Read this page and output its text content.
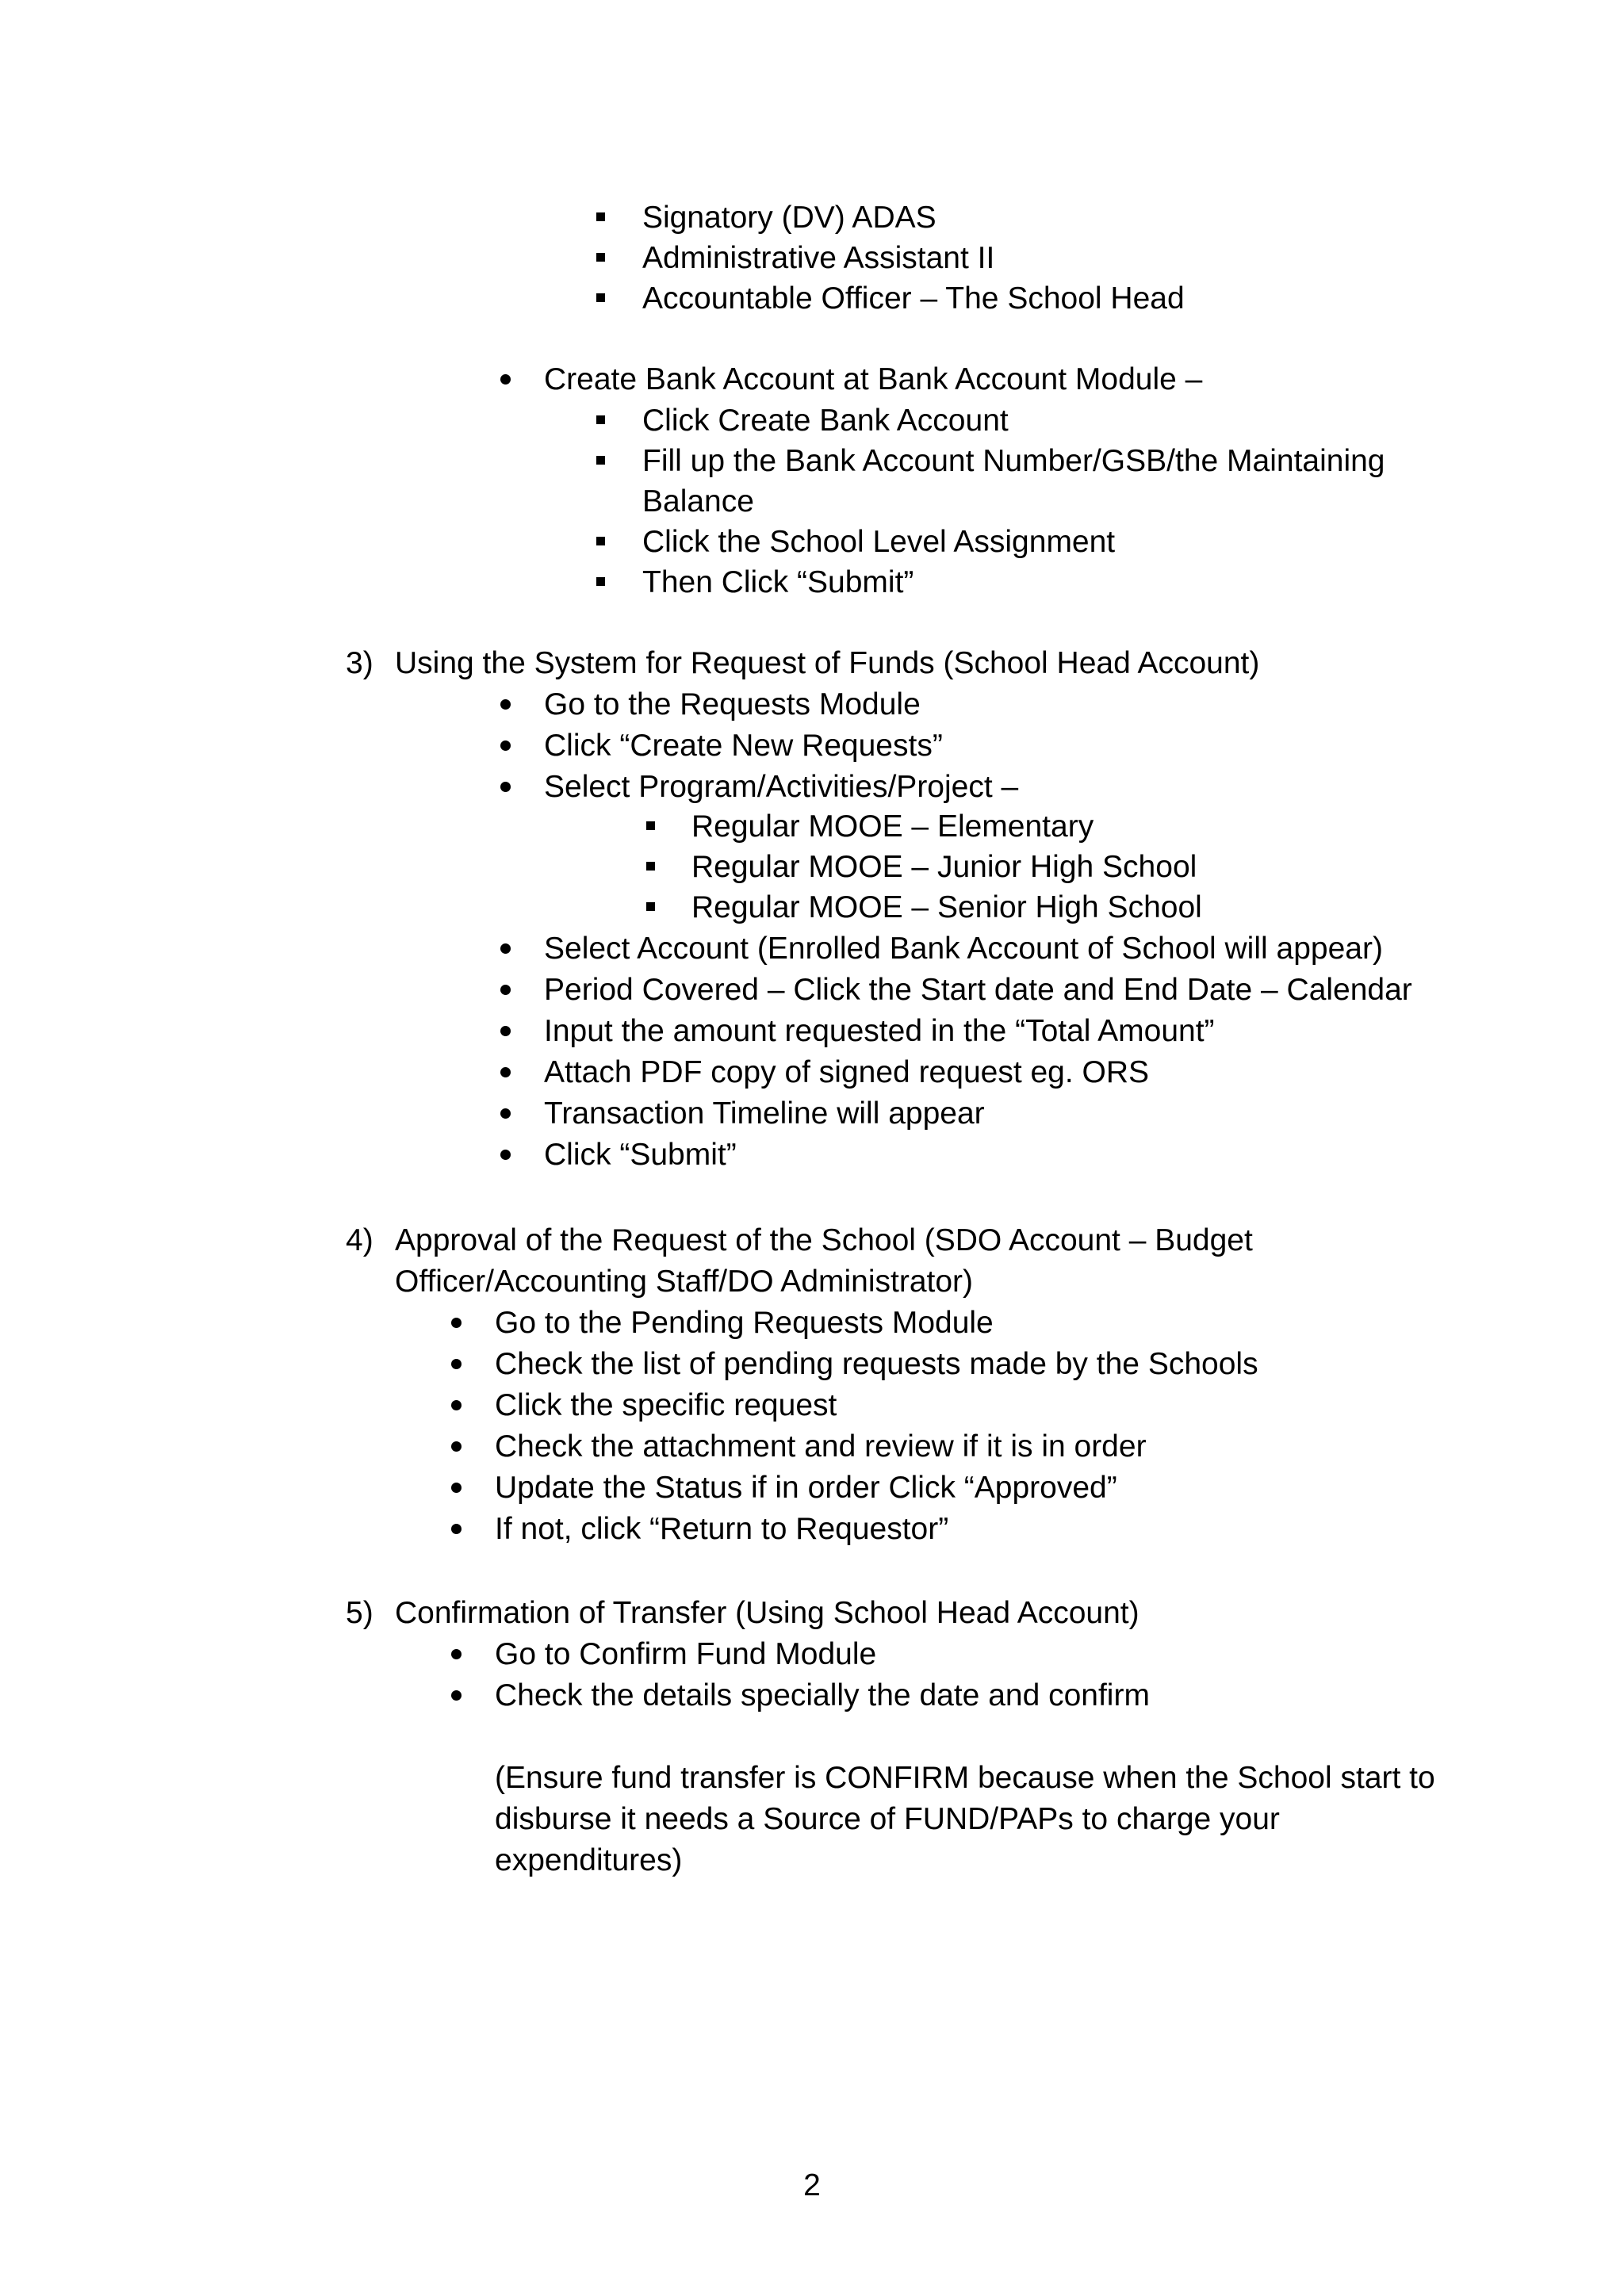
Signatory (DV) ADAS
Administrative Assistant II
Accountable Officer – The School Head
Create Bank Account at Bank Account Module –
Click Create Bank Account
Fill up the Bank Account Number/GSB/the Maintaining
Balance
Click the School Level Assignment
Then Click “Submit”
3) Using the System for Request of Funds (School Head Account)
Go to the Requests Module
Click “Create New Requests”
Select Program/Activities/Project –
Regular MOOE – Elementary
Regular MOOE – Junior High School
Regular MOOE – Senior High School
Select Account (Enrolled Bank Account of School will appear)
Period Covered – Click the Start date and End Date – Calendar
Input the amount requested in the “Total Amount”
Attach PDF copy of signed request eg. ORS
Transaction Timeline will appear
Click “Submit”
4) Approval of the Request of the School (SDO Account – Budget
Officer/Accounting Staff/DO Administrator)
Go to the Pending Requests Module
Check the list of pending requests made by the Schools
Click the specific request
Check the attachment and review if it is in order
Update the Status if in order Click “Approved”
If not, click “Return to Requestor”
5) Confirmation of Transfer (Using School Head Account)
Go to Confirm Fund Module
Check the details specially the date and confirm
(Ensure fund transfer is CONFIRM because when the School start to
disburse it needs a Source of FUND/PAPs to charge your
expenditures)
2
